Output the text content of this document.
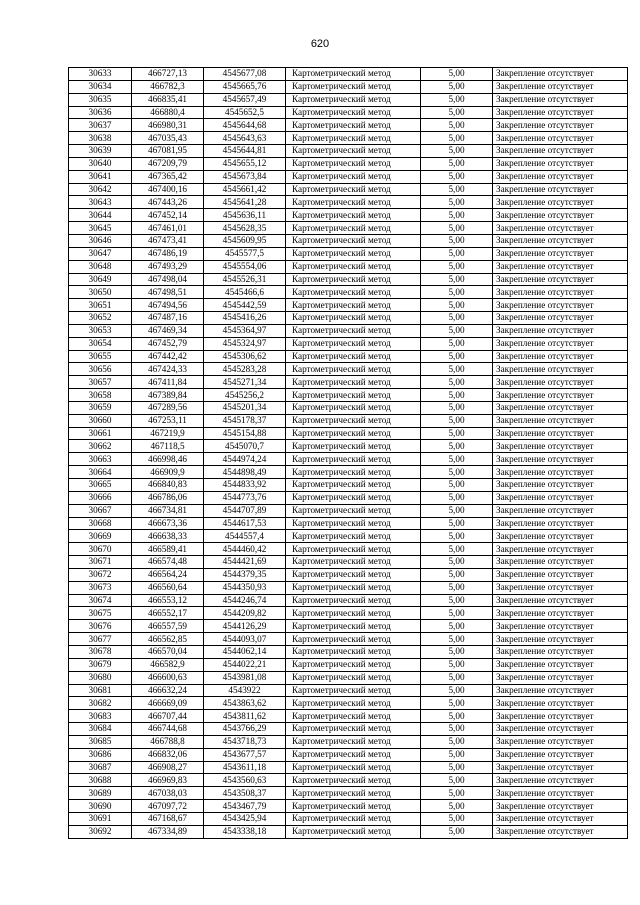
620
30633	466727,13	4545677,08	Картометрический метод	5,00	Закрепление отсутствует
30634	466782,3	4545665,76	Картометрический метод	5,00	Закрепление отсутствует
30635	466835,41	4545657,49	Картометрический метод	5,00	Закрепление отсутствует
30636	466880,4	4545652,5	Картометрический метод	5,00	Закрепление отсутствует
30637	466980,31	4545644,68	Картометрический метод	5,00	Закрепление отсутствует
30638	467035,43	4545643,63	Картометрический метод	5,00	Закрепление отсутствует
30639	467081,95	4545644,81	Картометрический метод	5,00	Закрепление отсутствует
30640	467209,79	4545655,12	Картометрический метод	5,00	Закрепление отсутствует
30641	467365,42	4545673,84	Картометрический метод	5,00	Закрепление отсутствует
30642	467400,16	4545661,42	Картометрический метод	5,00	Закрепление отсутствует
30643	467443,26	4545641,28	Картометрический метод	5,00	Закрепление отсутствует
30644	467452,14	4545636,11	Картометрический метод	5,00	Закрепление отсутствует
30645	467461,01	4545628,35	Картометрический метод	5,00	Закрепление отсутствует
30646	467473,41	4545609,95	Картометрический метод	5,00	Закрепление отсутствует
30647	467486,19	4545577,5	Картометрический метод	5,00	Закрепление отсутствует
30648	467493,29	4545554,06	Картометрический метод	5,00	Закрепление отсутствует
30649	467498,04	4545526,31	Картометрический метод	5,00	Закрепление отсутствует
30650	467498,51	4545466,6	Картометрический метод	5,00	Закрепление отсутствует
30651	467494,56	4545442,59	Картометрический метод	5,00	Закрепление отсутствует
30652	467487,16	4545416,26	Картометрический метод	5,00	Закрепление отсутствует
30653	467469,34	4545364,97	Картометрический метод	5,00	Закрепление отсутствует
30654	467452,79	4545324,97	Картометрический метод	5,00	Закрепление отсутствует
30655	467442,42	4545306,62	Картометрический метод	5,00	Закрепление отсутствует
30656	467424,33	4545283,28	Картометрический метод	5,00	Закрепление отсутствует
30657	467411,84	4545271,34	Картометрический метод	5,00	Закрепление отсутствует
30658	467389,84	4545256,2	Картометрический метод	5,00	Закрепление отсутствует
30659	467289,56	4545201,34	Картометрический метод	5,00	Закрепление отсутствует
30660	467253,11	4545178,37	Картометрический метод	5,00	Закрепление отсутствует
30661	467219,9	4545154,88	Картометрический метод	5,00	Закрепление отсутствует
30662	467118,5	4545070,7	Картометрический метод	5,00	Закрепление отсутствует
30663	466998,46	4544974,24	Картометрический метод	5,00	Закрепление отсутствует
30664	466909,9	4544898,49	Картометрический метод	5,00	Закрепление отсутствует
30665	466840,83	4544833,92	Картометрический метод	5,00	Закрепление отсутствует
30666	466786,06	4544773,76	Картометрический метод	5,00	Закрепление отсутствует
30667	466734,81	4544707,89	Картометрический метод	5,00	Закрепление отсутствует
30668	466673,36	4544617,53	Картометрический метод	5,00	Закрепление отсутствует
30669	466638,33	4544557,4	Картометрический метод	5,00	Закрепление отсутствует
30670	466589,41	4544460,42	Картометрический метод	5,00	Закрепление отсутствует
30671	466574,48	4544421,69	Картометрический метод	5,00	Закрепление отсутствует
30672	466564,24	4544379,35	Картометрический метод	5,00	Закрепление отсутствует
30673	466560,64	4544350,93	Картометрический метод	5,00	Закрепление отсутствует
30674	466553,12	4544246,74	Картометрический метод	5,00	Закрепление отсутствует
30675	466552,17	4544209,82	Картометрический метод	5,00	Закрепление отсутствует
30676	466557,59	4544126,29	Картометрический метод	5,00	Закрепление отсутствует
30677	466562,85	4544093,07	Картометрический метод	5,00	Закрепление отсутствует
30678	466570,04	4544062,14	Картометрический метод	5,00	Закрепление отсутствует
30679	466582,9	4544022,21	Картометрический метод	5,00	Закрепление отсутствует
30680	466600,63	4543981,08	Картометрический метод	5,00	Закрепление отсутствует
30681	466632,24	4543922	Картометрический метод	5,00	Закрепление отсутствует
30682	466669,09	4543863,62	Картометрический метод	5,00	Закрепление отсутствует
30683	466707,44	4543811,62	Картометрический метод	5,00	Закрепление отсутствует
30684	466744,68	4543766,29	Картометрический метод	5,00	Закрепление отсутствует
30685	466788,8	4543718,73	Картометрический метод	5,00	Закрепление отсутствует
30686	466832,06	4543677,57	Картометрический метод	5,00	Закрепление отсутствует
30687	466908,27	4543611,18	Картометрический метод	5,00	Закрепление отсутствует
30688	466969,83	4543560,63	Картометрический метод	5,00	Закрепление отсутствует
30689	467038,03	4543508,37	Картометрический метод	5,00	Закрепление отсутствует
30690	467097,72	4543467,79	Картометрический метод	5,00	Закрепление отсутствует
30691	467168,67	4543425,94	Картометрический метод	5,00	Закрепление отсутствует
30692	467334,89	4543338,18	Картометрический метод	5,00	Закрепление отсутствует
